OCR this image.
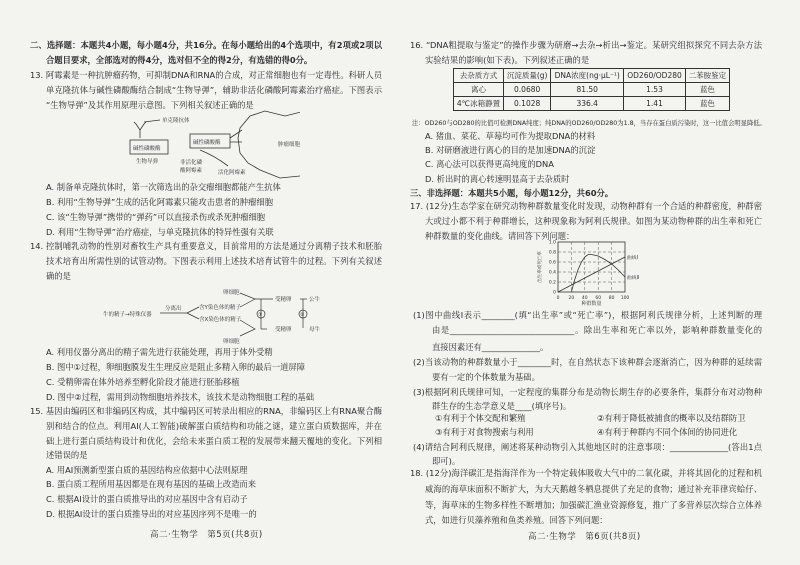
二、选择题：本题共4小题，每小题4分，共16分。在每小题给出的4个选项中，有2项或2项以
合题目要求，全部选对的得4分，选对但不全的得2分，有选错的得0分。
13. 阿霉素是一种抗肿瘤药物，可抑制DNA和RNA的合成，对正常细胞也有一定毒性。科研人员
单克隆抗体与碱性磷酸酶结合制成“生物导弹”，辅助非活化磷酸阿霉素治疗癌症。下图表示
“生物导弹”及其作用原理示意图。下列相关叙述正确的是
单克隆抗体
碱性磷酸酶
生物导弹
碱性磷酸酶
非活化磷
酸阿霉素	活化阿霉素
肿瘤细胞
A. 制备单克隆抗体时，第一次筛选出的杂交瘤细胞都能产生抗体
B. 利用“生物导弹”生成的活化阿霉素只能攻击患者的肿瘤细胞
C. 该“生物导弹”携带的“弹药”可以直接杀伤或杀死肿瘤细胞
D. 利用“生物导弹”治疗癌症，与单克隆抗体的特异性强有关联
14. 控制哺乳动物的性别对畜牧生产具有重要意义，目前常用的方法是通过分离精子技术和胚胎
技术培育出所需性别的试管动物。下图表示利用上述技术培育试管牛的过程。下列有关叙述
确的是
牛的精子→特殊仪器
分离出	含Y染色体的精子
含X染色体的精子
卵细胞
卵细胞
受精卵
受精卵
公牛
母牛
①	②
A. 利用仪器分离出的精子需先进行获能处理，再用于体外受精
B. 图中①过程，卵细胞膜发生生理反应是阻止多精入卵的最后一道屏障
C. 受精卵需在体外培养至孵化阶段才能进行胚胎移植
D. 图中②过程，需用到动物细胞培养技术，该技术是动物细胞工程的基础
15. 基因由编码区和非编码区构成，其中编码区可转录出相应的RNA，非编码区上有RNA聚合酶
别和结合的位点。利用AI(人工智能)破解蛋白质结构和功能之谜，建立蛋白质数据库，并在
础上进行蛋白质结构设计和优化，会给未来蛋白质工程的发展带来翻天覆地的变化。下列相
述错误的是
A. 用AI预测新型蛋白质的基因结构应依据中心法则原理
B. 蛋白质工程所用基因都是在现有基因的基础上改造而来
C. 根据AI设计的蛋白质推导出的对应基因中含有启动子
D. 根据AI设计的蛋白质推导出的对应基因序列不是唯一的
高二·生物学　第5页(共8页)
16. “DNA粗提取与鉴定”的操作步骤为研磨→去杂→析出→鉴定。某研究组拟探究不同去杂方法
实验结果的影响(如下表)。下列叙述正确的是
去杂质方式	沉淀质量(g)	DNA浓度(ng·μL⁻¹)	OD260/OD280	二苯胺鉴定
离心	0.0680	81.50	1.53	蓝色
4℃冰箱静置	0.1028	336.4	1.41	蓝色
注：OD260与OD280的比值可检测DNA纯度；纯DNA的OD260/OD280为1.8，当存在蛋白质污染时，这一比值会明显降低。
A. 猪血、菜花、草莓均可作为提取DNA的材料
B. 对研磨液进行离心的目的是加速DNA的沉淀
C. 离心法可以获得更高纯度的DNA
D. 析出时的离心转速明显高于去杂质时
三、非选择题：本题共5小题，每小题12分，共60分。
17. (12分)生态学家在研究动物种群数量变化时发现，动物种群有一个合适的种群密度，种群密
大或过小都不利于种群增长，这种现象称为阿利氏规律。如图为某动物种群的出生率和死亡
种群数量的变化曲线。请回答下列问题：
0 20 40 60 80 100
0
0.2
0.4
0.6
0.8
1.0
种群数量
出生率或死亡率	曲线Ⅰ
曲线Ⅱ
(1)图中曲线Ⅰ表示________(填“出生率”或“死亡率”)，根据阿利氏规律分析，上述判断的理
由是______________________________。除出生率和死亡率以外，影响种群数量变化的
直接因素还有______________。
(2)当该动物的种群数量小于________时，在自然状态下该种群会逐渐消亡，因为种群的延续需
要有一定的个体数量为基础。
(3)根据阿利氏规律可知，一定程度的集群分布是动物长期生存的必要条件，集群分布对动物种
群生存的生态学意义是____(填序号)。
①有利于个体交配和繁殖	②有利于降低被捕食的概率以及结群防卫
③有利于对食物搜索与利用	④有利于种群内不同个体间的协同进化
(4)请结合阿利氏规律，阐述将某种动物引入其他地区时的注意事项：______________(答出1点
即可)。
18. (12分)海洋碳汇是指海洋作为一个特定载体吸收大气中的二氧化碳，并将其固化的过程和机
威海的海草床面积不断扩大，为大天鹅越冬栖息提供了充足的食物；通过补充菲律宾蛤仔、
等，海草床的生物多样性不断增加；加强碳汇渔业资源修复，推广了多营养层次综合立体养
式，如进行贝藻养殖和鱼类养殖。回答下列问题：
高二·生物学　第6页(共8页)
